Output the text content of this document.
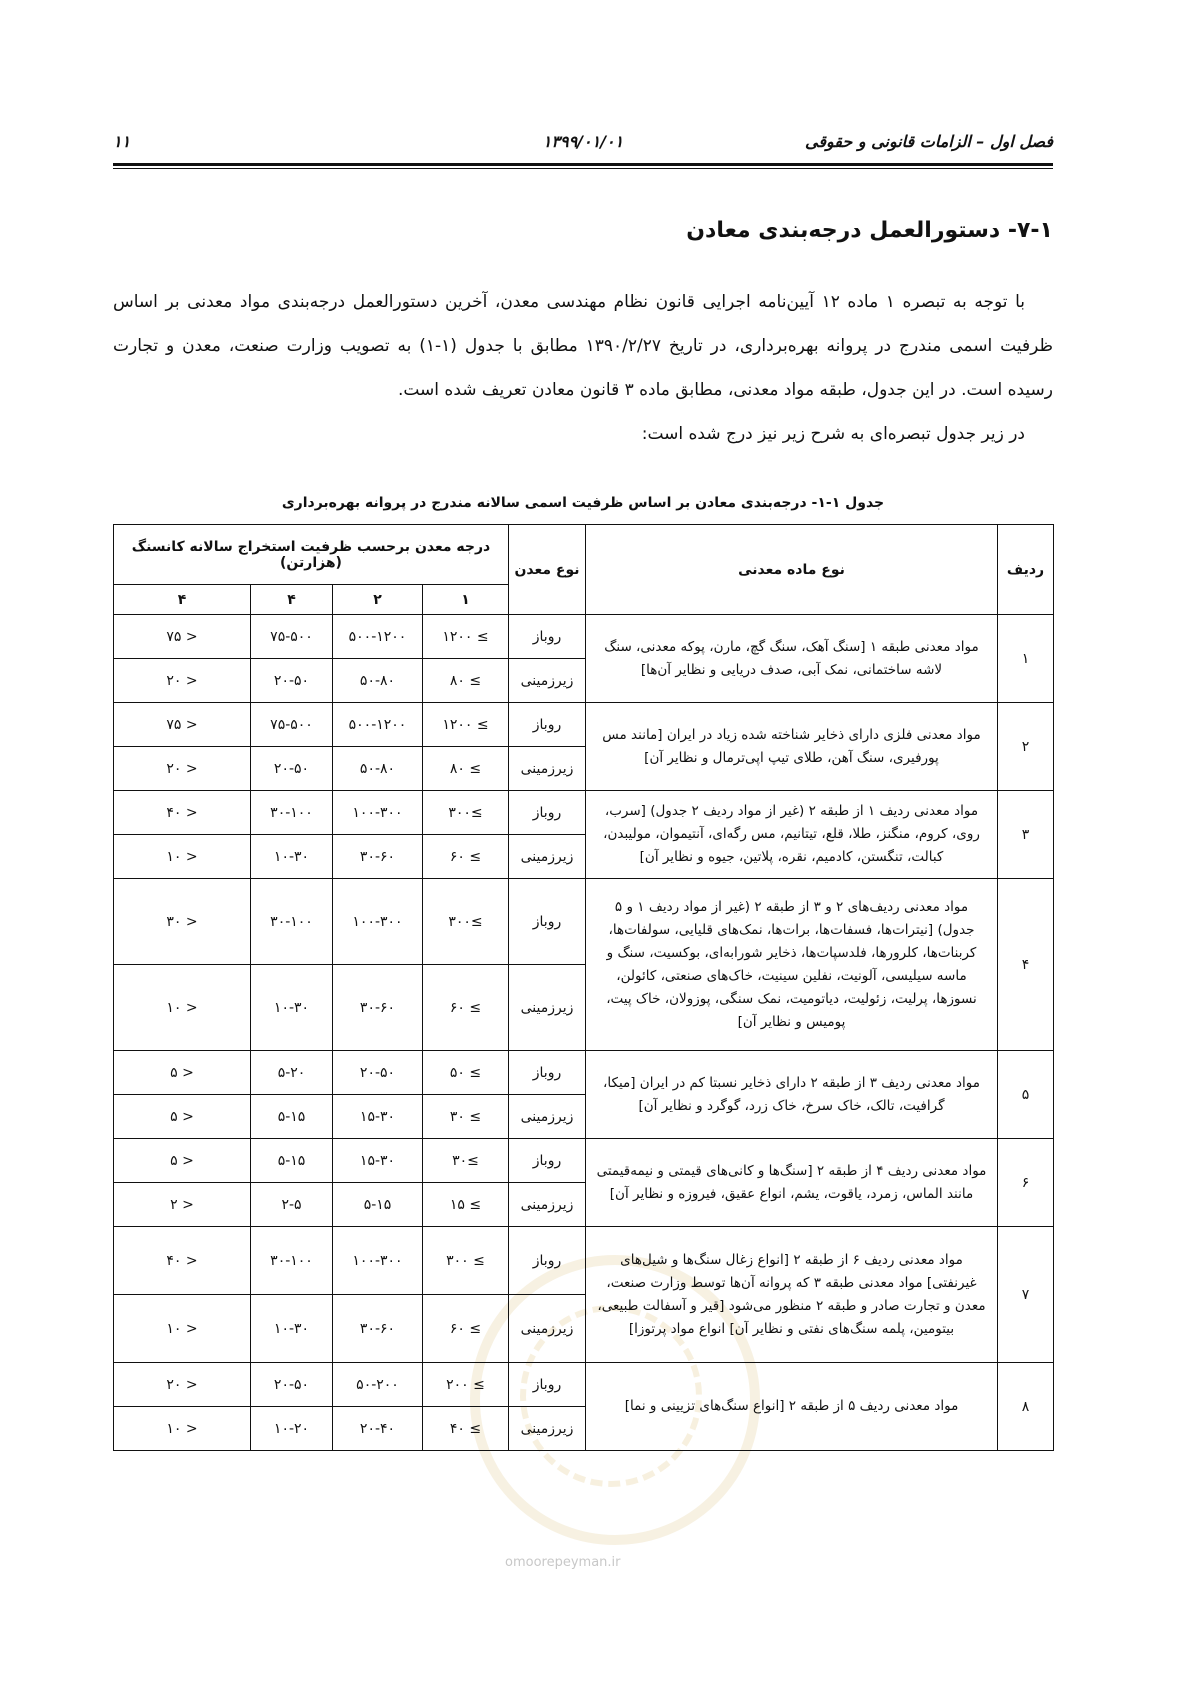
فصل اول – الزامات قانونی و حقوقی
۱۳۹۹/۰۱/۰۱
۱۱
۷-۱- دستورالعمل درجه‌بندی معادن

با توجه به تبصره ۱ ماده ۱۲ آیین‌نامه اجرایی قانون نظام مهندسی معدن، آخرین دستورالعمل درجه‌بندی مواد معدنی بر اساس ظرفیت اسمی مندرج در پروانه بهره‌برداری، در تاریخ ۱۳۹۰/۲/۲۷ مطابق با جدول (۱-۱) به تصویب وزارت صنعت، معدن و تجارت رسیده است. در این جدول، طبقه مواد معدنی، مطابق ماده ۳ قانون معادن تعریف شده است.

در زیر جدول تبصره‌ای به شرح زیر نیز درج شده است:

جدول ۱-۱- درجه‌بندی معادن بر اساس ظرفیت اسمی سالانه مندرج در پروانه بهره‌برداری
omoorepeyman.ir
ردیف	نوع ماده معدنی	نوع معدن	درجه معدن برحسب ظرفیت استخراج سالانه کانسنگ (هزارتن)			
			۱	۲	۴	۴
۱	مواد معدنی طبقه ۱ [سنگ آهک، سنگ گچ، مارن، پوکه معدنی، سنگ لاشه ساختمانی، نمک آبی، صدف دریایی و نظایر آن‌ها]	روباز	≥ ۱۲۰۰	۵۰۰-۱۲۰۰	۷۵-۵۰۰	< ۷۵
		زیرزمینی	≥ ۸۰	۵۰-۸۰	۲۰-۵۰	< ۲۰
۲	مواد معدنی فلزی دارای ذخایر شناخته شده زیاد در ایران [مانند مس پورفیری، سنگ آهن، طلای تیپ اپی‌ترمال و نظایر آن]	روباز	≥ ۱۲۰۰	۵۰۰-۱۲۰۰	۷۵-۵۰۰	< ۷۵
		زیرزمینی	≥ ۸۰	۵۰-۸۰	۲۰-۵۰	< ۲۰
۳	مواد معدنی ردیف ۱ از طبقه ۲ (غیر از مواد ردیف ۲ جدول) [سرب، روی، کروم، منگنز، طلا، قلع، تیتانیم، مس رگه‌ای، آنتیموان، مولیبدن، کبالت، تنگستن، کادمیم، نقره، پلاتین، جیوه و نظایر آن]	روباز	≥۳۰۰	۱۰۰-۳۰۰	۳۰-۱۰۰	< ۴۰
		زیرزمینی	≥ ۶۰	۳۰-۶۰	۱۰-۳۰	< ۱۰
۴	مواد معدنی ردیف‌های ۲ و ۳ از طبقه ۲ (غیر از مواد ردیف ۱ و ۵ جدول) [نیترات‌ها، فسفات‌ها، برات‌ها، نمک‌های قلیایی، سولفات‌ها، کربنات‌ها، کلرورها، فلدسپات‌ها، ذخایر شورابه‌ای، بوکسیت، سنگ و ماسه سیلیسی، آلونیت، نفلین سینیت، خاک‌های صنعتی، کائولن، نسوزها، پرلیت، زئولیت، دیاتومیت، نمک سنگی، پوزولان، خاک پیت، پومیس و نظایر آن]	روباز	≥۳۰۰	۱۰۰-۳۰۰	۳۰-۱۰۰	< ۳۰
		زیرزمینی	≥ ۶۰	۳۰-۶۰	۱۰-۳۰	< ۱۰
۵	مواد معدنی ردیف ۳ از طبقه ۲ دارای ذخایر نسبتا کم در ایران [میکا، گرافیت، تالک، خاک سرخ، خاک زرد، گوگرد و نظایر آن]	روباز	≥ ۵۰	۲۰-۵۰	۵-۲۰	< ۵
		زیرزمینی	≥ ۳۰	۱۵-۳۰	۵-۱۵	< ۵
۶	مواد معدنی ردیف ۴ از طبقه ۲ [سنگ‌ها و کانی‌های قیمتی و نیمه‌قیمتی مانند الماس، زمرد، یاقوت، یشم، انواع عقیق، فیروزه و نظایر آن]	روباز	≥۳۰	۱۵-۳۰	۵-۱۵	< ۵
		زیرزمینی	≥ ۱۵	۵-۱۵	۲-۵	< ۲
۷	مواد معدنی ردیف ۶ از طبقه ۲ [انواع زغال سنگ‌ها و شیل‌های غیرنفتی] مواد معدنی طبقه ۳ که پروانه آن‌ها توسط وزارت صنعت، معدن و تجارت صادر و طبقه ۲ منظور می‌شود [قیر و آسفالت طبیعی، بیتومین، پلمه سنگ‌های نفتی و نظایر آن] انواع مواد پرتوزا]	روباز	≥ ۳۰۰	۱۰۰-۳۰۰	۳۰-۱۰۰	< ۴۰
		زیرزمینی	≥ ۶۰	۳۰-۶۰	۱۰-۳۰	< ۱۰
۸	مواد معدنی ردیف ۵ از طبقه ۲ [انواع سنگ‌های تزیینی و نما]	روباز	≥ ۲۰۰	۵۰-۲۰۰	۲۰-۵۰	< ۲۰
		زیرزمینی	≥ ۴۰	۲۰-۴۰	۱۰-۲۰	< ۱۰
